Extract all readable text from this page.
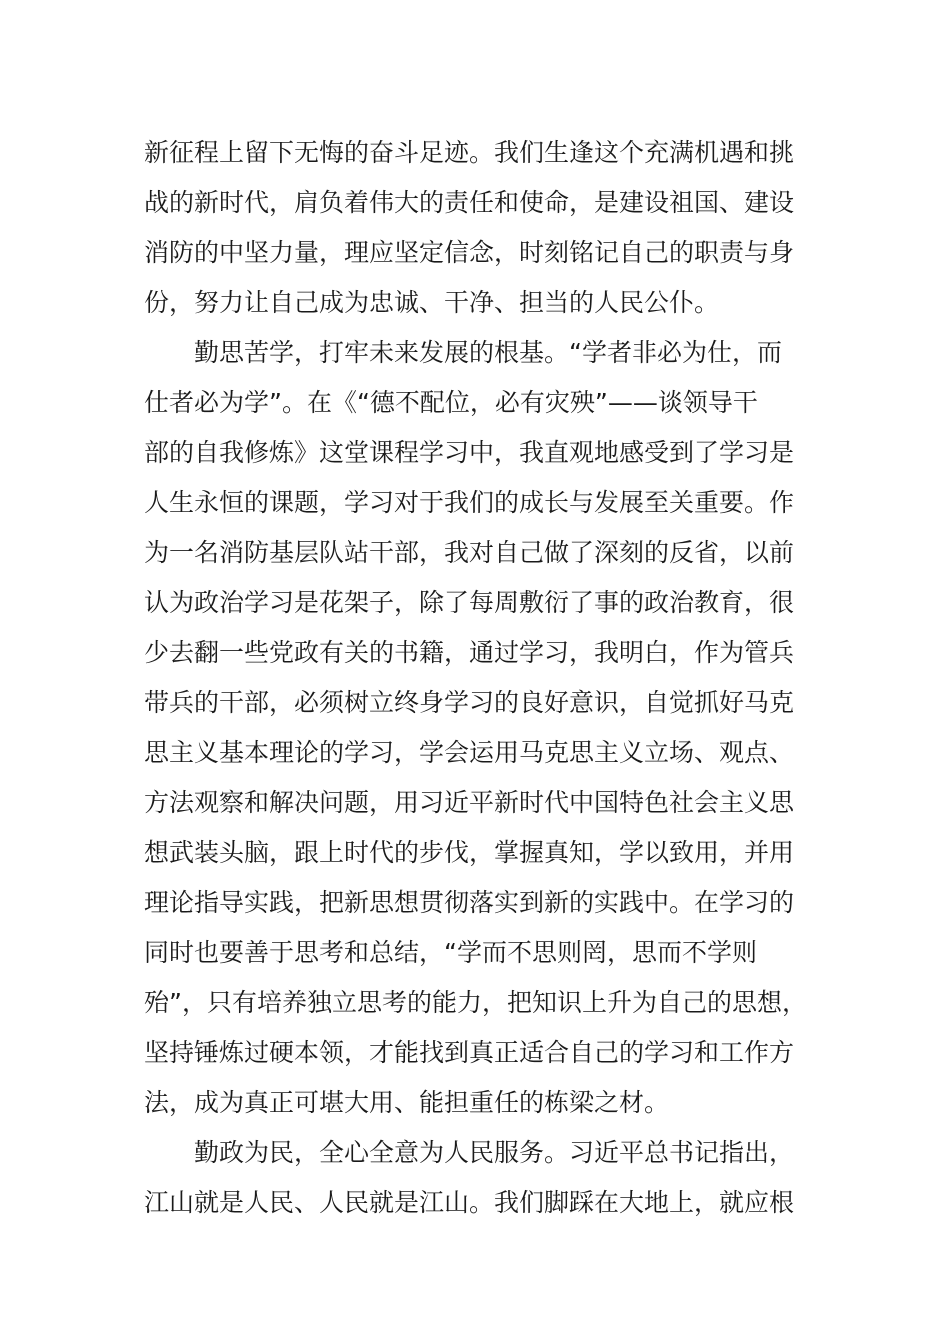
新征程上留下无悔的奋斗足迹。我们生逢这个充满机遇和挑
战的新时代，肩负着伟大的责任和使命，是建设祖国、建设
消防的中坚力量，理应坚定信念，时刻铭记自己的职责与身
份，努力让自己成为忠诚、干净、担当的人民公仆。
　　勤思苦学，打牢未来发展的根基。“学者非必为仕，而
仕者必为学”。在《“德不配位，必有灾殃”——谈领导干
部的自我修炼》这堂课程学习中，我直观地感受到了学习是
人生永恒的课题，学习对于我们的成长与发展至关重要。作
为一名消防基层队站干部，我对自己做了深刻的反省，以前
认为政治学习是花架子，除了每周敷衍了事的政治教育，很
少去翻一些党政有关的书籍，通过学习，我明白，作为管兵
带兵的干部，必须树立终身学习的良好意识，自觉抓好马克
思主义基本理论的学习，学会运用马克思主义立场、观点、
方法观察和解决问题，用习近平新时代中国特色社会主义思
想武装头脑，跟上时代的步伐，掌握真知，学以致用，并用
理论指导实践，把新思想贯彻落实到新的实践中。在学习的
同时也要善于思考和总结，“学而不思则罔，思而不学则
殆”，只有培养独立思考的能力，把知识上升为自己的思想，
坚持锤炼过硬本领，才能找到真正适合自己的学习和工作方
法，成为真正可堪大用、能担重任的栋梁之材。
　　勤政为民，全心全意为人民服务。习近平总书记指出，
江山就是人民、人民就是江山。我们脚踩在大地上，就应根
